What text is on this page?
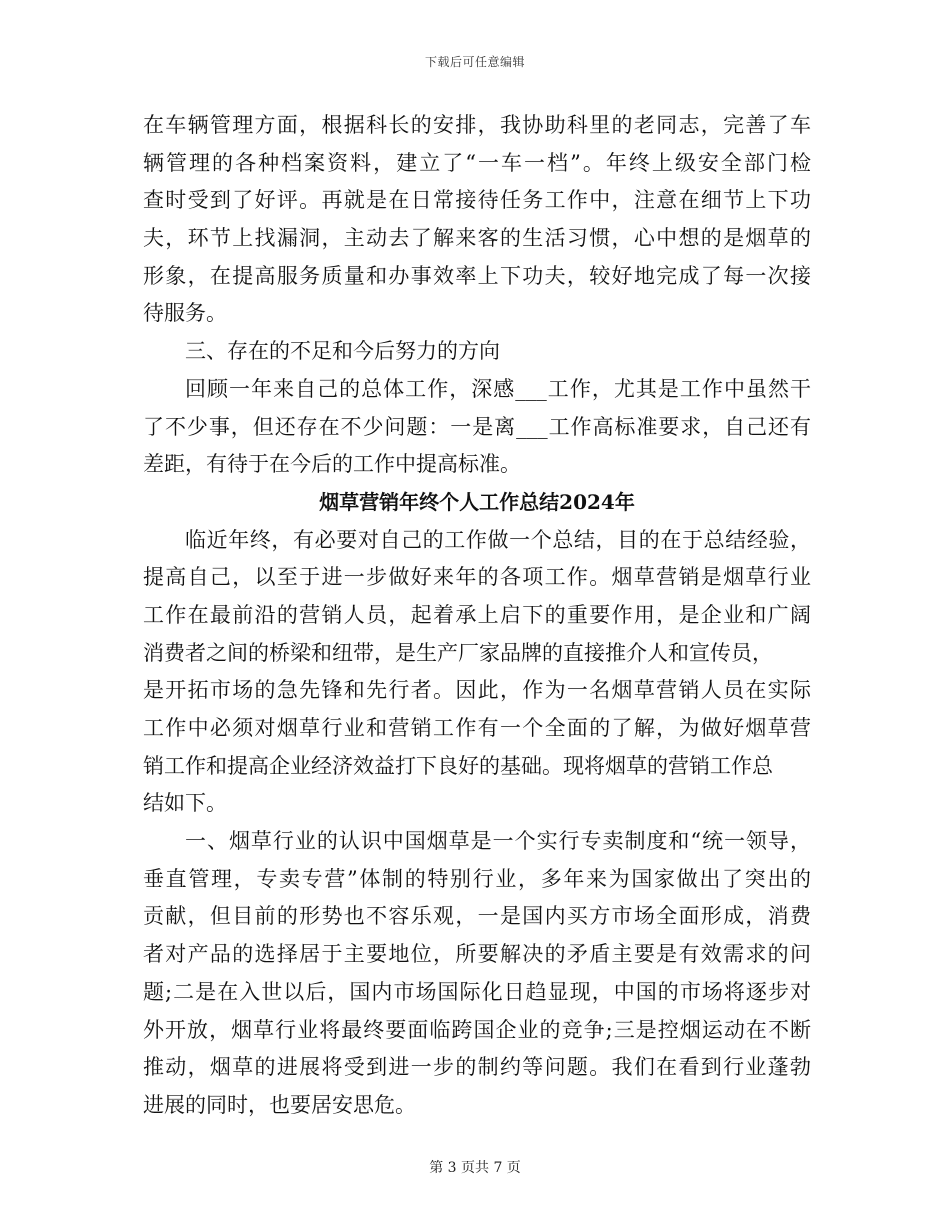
下载后可任意编辑
在车辆管理方面，根据科长的安排，我协助科里的老同志，完善了车
辆管理的各种档案资料，建立了“一车一档”。年终上级安全部门检
查时受到了好评。再就是在日常接待任务工作中，注意在细节上下功
夫，环节上找漏洞，主动去了解来客的生活习惯，心中想的是烟草的
形象，在提高服务质量和办事效率上下功夫，较好地完成了每一次接
待服务。
三、存在的不足和今后努力的方向
回顾一年来自己的总体工作，深感___工作，尤其是工作中虽然干
了不少事，但还存在不少问题：一是离___工作高标准要求，自己还有
差距，有待于在今后的工作中提高标准。
烟草营销年终个人工作总结2024年
临近年终，有必要对自己的工作做一个总结，目的在于总结经验，
提高自己，以至于进一步做好来年的各项工作。烟草营销是烟草行业
工作在最前沿的营销人员，起着承上启下的重要作用，是企业和广阔
消费者之间的桥梁和纽带，是生产厂家品牌的直接推介人和宣传员，
是开拓市场的急先锋和先行者。因此，作为一名烟草营销人员在实际
工作中必须对烟草行业和营销工作有一个全面的了解，为做好烟草营
销工作和提高企业经济效益打下良好的基础。现将烟草的营销工作总
结如下。
一、烟草行业的认识中国烟草是一个实行专卖制度和“统一领导，
垂直管理，专卖专营”体制的特别行业，多年来为国家做出了突出的
贡献，但目前的形势也不容乐观，一是国内买方市场全面形成，消费
者对产品的选择居于主要地位，所要解决的矛盾主要是有效需求的问
题;二是在入世以后，国内市场国际化日趋显现，中国的市场将逐步对
外开放，烟草行业将最终要面临跨国企业的竞争;三是控烟运动在不断
推动，烟草的进展将受到进一步的制约等问题。我们在看到行业蓬勃
进展的同时，也要居安思危。
第 3 页共 7 页
